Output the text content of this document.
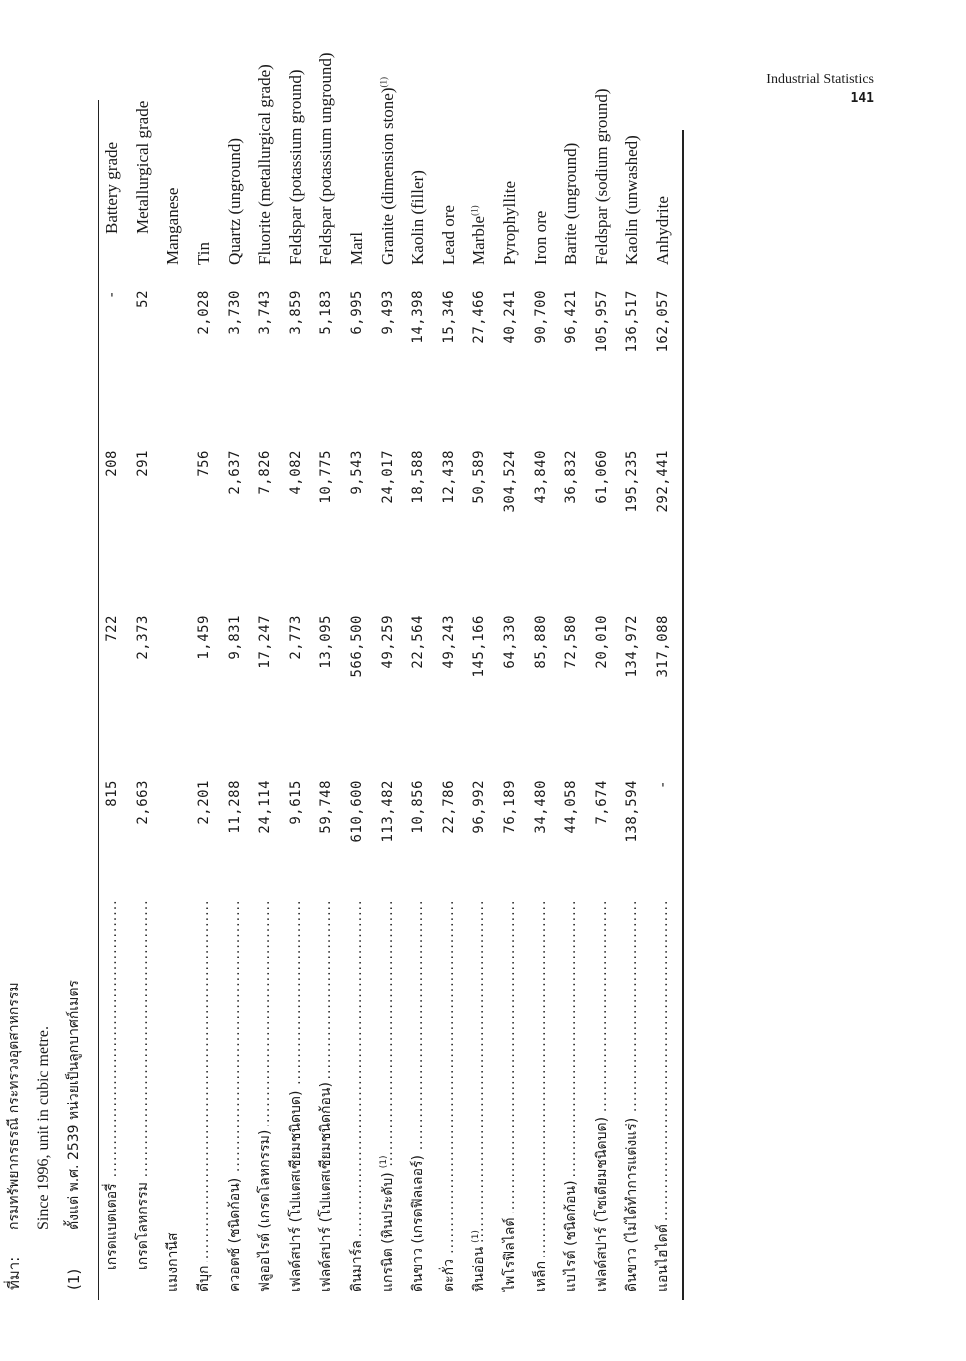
Industrial Statistics
141
แอนไฮไดต์ .....
-
317,088
292,441
162,057
Anhydrite
ดินขาว (ไม่ได้ทำการแต่งแร่) .....
138,594
134,972
195,235
136,517
Kaolin (unwashed)
เฟลด์สปาร์ (โซเดียมชนิดบด) .....
7,674
20,010
61,060
105,957
Feldspar (sodium ground)
แบไรต์ (ชนิดก้อน) .....
44,058
72,580
36,832
96,421
Barite (unground)
เหล็ก .....
34,480
85,880
43,840
90,700
Iron ore
ไพโรฟิลไลต์ .....
76,189
64,330
304,524
40,241
Pyrophyllite
หินอ่อน$^{(1)}$ .....
96,992
145,166
50,589
27,466
Marble$^{(1)}$
ตะกั่ว .....
22,786
49,243
12,438
15,346
Lead ore
ดินขาว (เกรดฟิลเลอร์) .....
10,856
22,564
18,588
14,398
Kaolin (filler)
แกรนิต (หินประดับ)$^{(1)}$ .....
113,482
49,259
24,017
9,493
Granite (dimension stone)$^{(1)}$
ดินมาร์ล .....
610,600
566,500
9,543
6,995
Marl
เฟลด์สปาร์ (โปแตสเซียมชนิดก้อน) .....
59,748
13,095
10,775
5,183
Feldspar (potassium unground)
เฟลด์สปาร์ (โปแตสเซียมชนิดบด) .....
9,615
2,773
4,082
3,859
Feldspar (potassium ground)
ฟลูออไรต์ (เกรดโลหกรรม) .....
24,114
17,247
7,826
3,743
Fluorite (metallurgical grade)
ควอตซ์ (ชนิดก้อน) .....
11,288
9,831
2,637
3,730
Quartz (unground)
ดีบุก .....
2,201
1,459
756
2,028
Tin
แมงกานีส
Manganese
เกรดโลหกรรม .....
2,663
2,373
291
52
Metallurgical grade
เกรดแบตเตอรี่ .....
815
722
208
-
Battery grade
(1)
ตั้งแต่ พ.ศ. 2539 หน่วยเป็นลูกบาศก์เมตร
Since 1996, unit in cubic metre.
ที่มา:
กรมทรัพยากรธรณี กระทรวงอุตสาหกรรม
